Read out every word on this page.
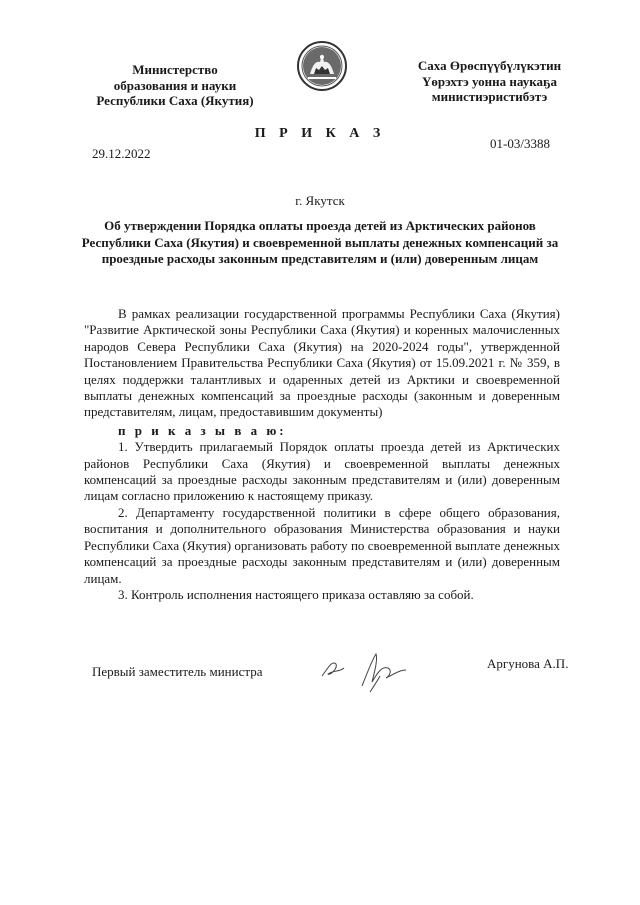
Министерство
образования и науки
Республики Саха (Якутия)
Саха Өрөспүүбүлүкэтин
Үөрэхтэ уонна наукаҕа
министиэристибэтэ
П Р И К А З
29.12.2022
01-03/3388
г. Якутск
Об утверждении Порядка оплаты проезда детей из Арктических районов Республики Саха (Якутия) и своевременной выплаты денежных компенсаций за проездные расходы законным представителям и (или) доверенным лицам

В рамках реализации государственной программы Республики Саха (Якутия) "Развитие Арктической зоны Республики Саха (Якутия) и коренных малочисленных народов Севера Республики Саха (Якутия) на 2020-2024 годы", утвержденной Постановлением Правительства Республики Саха (Якутия) от 15.09.2021 г. № 359, в целях поддержки талантливых и одаренных детей из Арктики и своевременной выплаты денежных компенсаций за проездные расходы (законным и доверенным представителям, лицам, предоставившим документы)

п р и к а з ы в а ю:

1. Утвердить прилагаемый Порядок оплаты проезда детей из Арктических районов Республики Саха (Якутия) и своевременной выплаты денежных компенсаций за проездные расходы законным представителям и (или) доверенным лицам согласно приложению к настоящему приказу.

2. Департаменту государственной политики в сфере общего образования, воспитания и дополнительного образования Министерства образования и науки Республики Саха (Якутия) организовать работу по своевременной выплате денежных компенсаций за проездные расходы законным представителям и (или) доверенным лицам.

3. Контроль исполнения настоящего приказа оставляю за собой.

Первый заместитель министра
Аргунова А.П.
